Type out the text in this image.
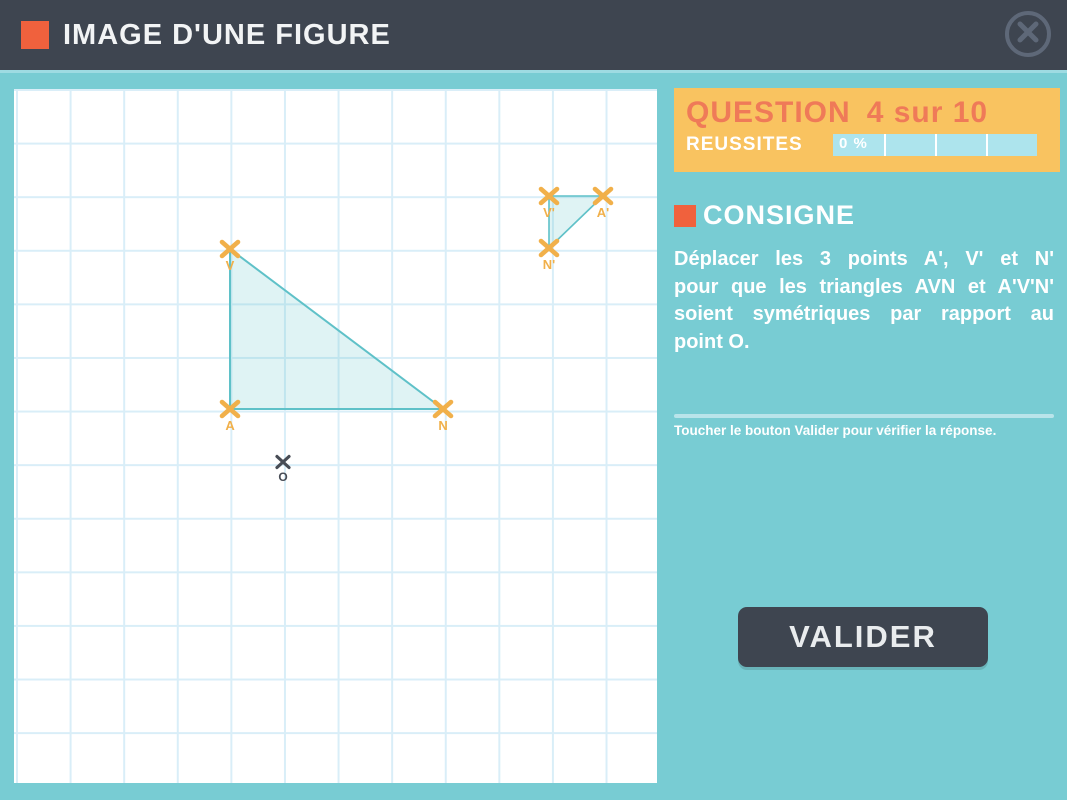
IMAGE D'UNE FIGURE
V
A	N
V'	A'
N'
O
QUESTION 4 sur 10
REUSSITES 0 %
CONSIGNE
Déplacer les 3 points A', V' et N'
pour que les triangles AVN et A'V'N'
soient symétriques par rapport au
point O.
Toucher le bouton Valider pour vérifier la réponse.
VALIDER
